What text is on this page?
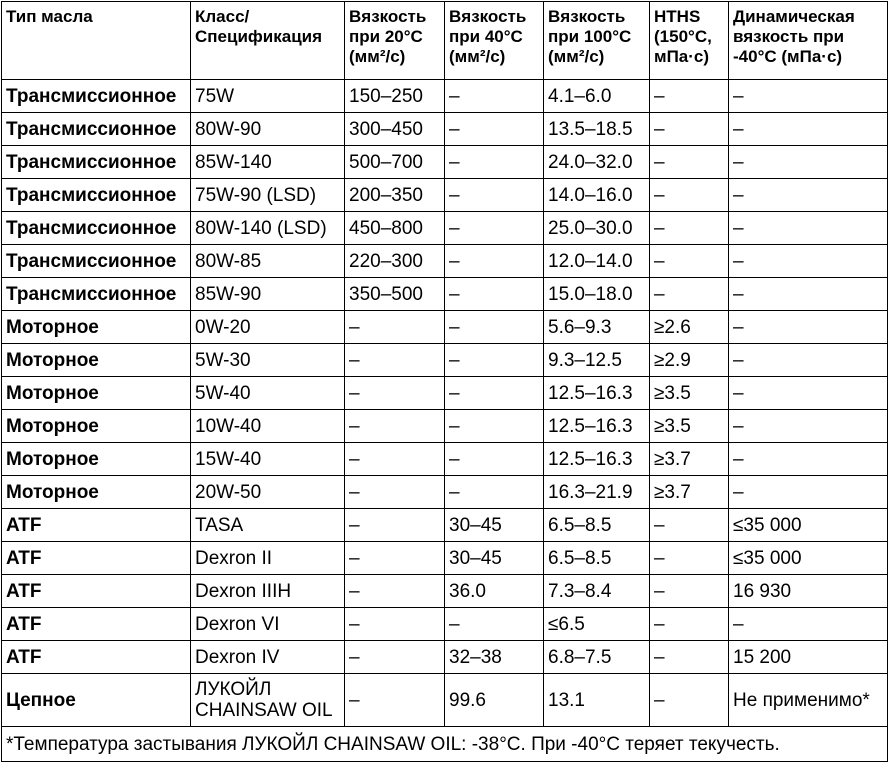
Тип масла	Класс/ Спецификация	Вязкость при 20°C (мм²/с)	Вязкость при 40°C (мм²/с)	Вязкость при 100°C (мм²/с)	HTHS (150°C, мПа·с)	Динамическая вязкость при -40°C (мПа·с)
Трансмиссионное	75W	150–250	–	4.1–6.0	–	–
Трансмиссионное	80W-90	300–450	–	13.5–18.5	–	–
Трансмиссионное	85W-140	500–700	–	24.0–32.0	–	–
Трансмиссионное	75W-90 (LSD)	200–350	–	14.0–16.0	–	–
Трансмиссионное	80W-140 (LSD)	450–800	–	25.0–30.0	–	–
Трансмиссионное	80W-85	220–300	–	12.0–14.0	–	–
Трансмиссионное	85W-90	350–500	–	15.0–18.0	–	–
Моторное	0W-20	–	–	5.6–9.3	≥2.6	–
Моторное	5W-30	–	–	9.3–12.5	≥2.9	–
Моторное	5W-40	–	–	12.5–16.3	≥3.5	–
Моторное	10W-40	–	–	12.5–16.3	≥3.5	–
Моторное	15W-40	–	–	12.5–16.3	≥3.7	–
Моторное	20W-50	–	–	16.3–21.9	≥3.7	–
ATF	TASA	–	30–45	6.5–8.5	–	≤35 000
ATF	Dexron II	–	30–45	6.5–8.5	–	≤35 000
ATF	Dexron IIIH	–	36.0	7.3–8.4	–	16 930
ATF	Dexron VI	–	–	≤6.5	–	–
ATF	Dexron IV	–	32–38	6.8–7.5	–	15 200
Цепное	ЛУКОЙЛ CHAINSAW OIL	–	99.6	13.1	–	Не применимо*
*Температура застывания ЛУКОЙЛ CHAINSAW OIL: -38°C. При -40°C теряет текучесть.						
